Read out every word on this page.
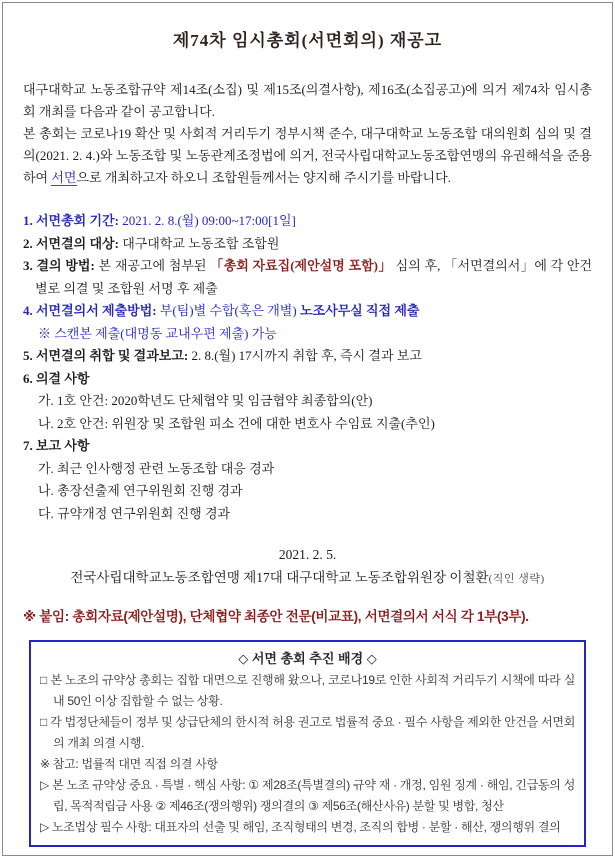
제74차 임시총회(서면회의) 재공고

대구대학교 노동조합규약 제14조(소집) 및 제15조(의결사항), 제16조(소집공고)에 의거 제74차 임시총회 개최를 다음과 같이 공고합니다.

본 총회는 코로나19 확산 및 사회적 거리두기 정부시책 준수, 대구대학교 노동조합 대의원회 심의 및 결의(2021. 2. 4.)와 노동조합 및 노동관계조정법에 의거, 전국사립대학교노동조합연맹의 유권해석을 준용하여 서면으로 개최하고자 하오니 조합원들께서는 양지해 주시기를 바랍니다.

1. 서면총회 기간: 2021. 2. 8.(월) 09:00~17:00[1일]
2. 서면결의 대상: 대구대학교 노동조합 조합원
3. 결의 방법: 본 재공고에 첨부된 「총회 자료집(제안설명 포함)」 심의 후, 「서면결의서」에 각 안건별로 의결 및 조합원 서명 후 제출
4. 서면결의서 제출방법: 부(팀)별 수합(혹은 개별) 노조사무실 직접 제출
※ 스캔본 제출(대명동 교내우편 제출) 가능
5. 서면결의 취합 및 결과보고: 2. 8.(월) 17시까지 취합 후, 즉시 결과 보고
6. 의결 사항
가. 1호 안건: 2020학년도 단체협약 및 임금협약 최종합의(안)
나. 2호 안건: 위원장 및 조합원 피소 건에 대한 변호사 수임료 지출(추인)
7. 보고 사항
가. 최근 인사행정 관련 노동조합 대응 경과
나. 총장선출제 연구위원회 진행 경과
다. 규약개정 연구위원회 진행 경과
2021. 2. 5.
전국사립대학교노동조합연맹 제17대 대구대학교 노동조합위원장 이철환(직인 생략)
※ 붙임: 총회자료(제안설명), 단체협약 최종안 전문(비교표), 서면결의서 서식 각 1부(3부).
◇ 서면 총회 추진 배경 ◇
□ 본 노조의 규약상 총회는 집합 대면으로 진행해 왔으나, 코로나19로 인한 사회적 거리두기 시책에 따라 실내 50인 이상 집합할 수 없는 상황.
□ 각 법정단체들이 정부 및 상급단체의 한시적 허용 권고로 법률적 중요 · 필수 사항을 제외한 안건을 서면회의 개최 의결 시행.
※ 참고: 법률적 대면 직접 의결 사항
▷ 본 노조 규약상 중요 · 특별 · 핵심 사항: ① 제28조(특별결의) 규약 재 · 개정, 임원 징계 · 해임, 긴급동의 성립, 목적적립금 사용 ② 제46조(쟁의행위) 쟁의결의 ③ 제56조(해산사유) 분할 및 병합, 청산
▷ 노조법상 필수 사항: 대표자의 선출 및 해임, 조직형태의 변경, 조직의 합병 · 분할 · 해산, 쟁의행위 결의
